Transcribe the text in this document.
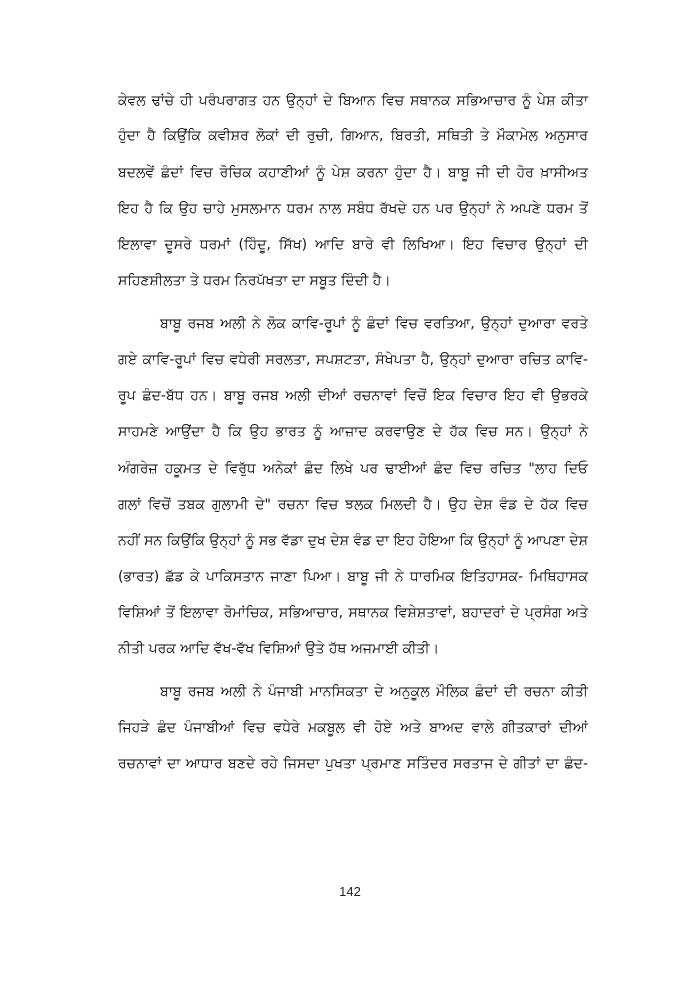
ਕੇਵਲ ਢਾਂਚੇ ਹੀ ਪਰੰਪਰਾਗਤ ਹਨ ਉਨ੍ਹਾਂ ਦੇ ਬਿਆਨ ਵਿਚ ਸਥਾਨਕ ਸਭਿਆਚਾਰ ਨੂੰ ਪੇਸ਼ ਕੀਤਾ
ਹੁੰਦਾ ਹੈ ਕਿਉਂਕਿ ਕਵੀਸ਼ਰ ਲੋਕਾਂ ਦੀ ਰੁਚੀ, ਗਿਆਨ, ਬਿਰਤੀ, ਸਥਿਤੀ ਤੇ ਮੌਕਾਮੇਲ ਅਨੁਸਾਰ
ਬਦਲਵੇਂ ਛੰਦਾਂ ਵਿਚ ਰੋਚਿਕ ਕਹਾਣੀਆਂ ਨੂੰ ਪੇਸ਼ ਕਰਨਾ ਹੁੰਦਾ ਹੈ। ਬਾਬੂ ਜੀ ਦੀ ਹੋਰ ਖ਼ਾਸੀਅਤ
ਇਹ ਹੈ ਕਿ ਉਹ ਚਾਹੇ ਮੁਸਲਮਾਨ ਧਰਮ ਨਾਲ ਸਬੰਧ ਰੱਖਦੇ ਹਨ ਪਰ ਉਨ੍ਹਾਂ ਨੇ ਅਪਣੇ ਧਰਮ ਤੋਂ
ਇਲਾਵਾ ਦੂਸਰੇ ਧਰਮਾਂ (ਹਿੰਦੂ, ਸਿੱਖ) ਆਦਿ ਬਾਰੇ ਵੀ ਲਿਖਿਆ। ਇਹ ਵਿਚਾਰ ਉਨ੍ਹਾਂ ਦੀ
ਸਹਿਣਸ਼ੀਲਤਾ ਤੇ ਧਰਮ ਨਿਰਪੱਖਤਾ ਦਾ ਸਬੂਤ ਦਿੰਦੀ ਹੈ।
ਬਾਬੂ ਰਜਬ ਅਲੀ ਨੇ ਲੋਕ ਕਾਵਿ-ਰੂਪਾਂ ਨੂੰ ਛੰਦਾਂ ਵਿਚ ਵਰਤਿਆ, ਉਨ੍ਹਾਂ ਦੁਆਰਾ ਵਰਤੇ
ਗਏ ਕਾਵਿ-ਰੂਪਾਂ ਵਿਚ ਵਧੇਰੀ ਸਰਲਤਾ, ਸਪਸ਼ਟਤਾ, ਸੰਖੇਪਤਾ ਹੈ, ਉਨ੍ਹਾਂ ਦੁਆਰਾ ਰਚਿਤ ਕਾਵਿ-
ਰੂਪ ਛੰਦ-ਬੱਧ ਹਨ। ਬਾਬੂ ਰਜਬ ਅਲੀ ਦੀਆਂ ਰਚਨਾਵਾਂ ਵਿਚੋਂ ਇਕ ਵਿਚਾਰ ਇਹ ਵੀ ਉਭਰਕੇ
ਸਾਹਮਣੇ ਆਉਂਦਾ ਹੈ ਕਿ ਉਹ ਭਾਰਤ ਨੂੰ ਆਜ਼ਾਦ ਕਰਵਾਉਣ ਦੇ ਹੱਕ ਵਿਚ ਸਨ। ਉਨ੍ਹਾਂ ਨੇ
ਅੰਗਰੇਜ਼ ਹਕੂਮਤ ਦੇ ਵਿਰੁੱਧ ਅਨੇਕਾਂ ਛੰਦ ਲਿਖੇ ਪਰ ਢਾਈਆਂ ਛੰਦ ਵਿਚ ਰਚਿਤ "ਲਾਹ ਦਿਓ
ਗਲਾਂ ਵਿਚੋਂ ਤਬਕ ਗੁਲਾਮੀ ਦੇ" ਰਚਨਾ ਵਿਚ ਝਲਕ ਮਿਲਦੀ ਹੈ। ਉਹ ਦੇਸ਼ ਵੰਡ ਦੇ ਹੱਕ ਵਿਚ
ਨਹੀਂ ਸਨ ਕਿਉਂਕਿ ਉਨ੍ਹਾਂ ਨੂੰ ਸਭ ਵੱਡਾ ਦੁਖ ਦੇਸ਼ ਵੰਡ ਦਾ ਇਹ ਹੋਇਆ ਕਿ ਉਨ੍ਹਾਂ ਨੂੰ ਆਪਣਾ ਦੇਸ਼
(ਭਾਰਤ) ਛੱਡ ਕੇ ਪਾਕਿਸਤਾਨ ਜਾਣਾ ਪਿਆ। ਬਾਬੂ ਜੀ ਨੇ ਧਾਰਮਿਕ ਇਤਿਹਾਸਕ- ਮਿਥਿਹਾਸਕ
ਵਿਸ਼ਿਆਂ ਤੋਂ ਇਲਾਵਾ ਰੋਮਾਂਚਿਕ, ਸਭਿਆਚਾਰ, ਸਥਾਨਕ ਵਿਸ਼ੇਸ਼ਤਾਵਾਂ, ਬਹਾਦਰਾਂ ਦੇ ਪ੍ਰਸੰਗ ਅਤੇ
ਨੀਤੀ ਪਰਕ ਆਦਿ ਵੱਖ-ਵੱਖ ਵਿਸ਼ਿਆਂ ਉਤੇ ਹੱਥ ਅਜਮਾਈ ਕੀਤੀ।
ਬਾਬੂ ਰਜਬ ਅਲੀ ਨੇ ਪੰਜਾਬੀ ਮਾਨਸਿਕਤਾ ਦੇ ਅਨੁਕੂਲ ਮੌਲਿਕ ਛੰਦਾਂ ਦੀ ਰਚਨਾ ਕੀਤੀ
ਜਿਹੜੇ ਛੰਦ ਪੰਜਾਬੀਆਂ ਵਿਚ ਵਧੇਰੇ ਮਕਬੂਲ ਵੀ ਹੋਏ ਅਤੇ ਬਾਅਦ ਵਾਲੇ ਗੀਤਕਾਰਾਂ ਦੀਆਂ
ਰਚਨਾਵਾਂ ਦਾ ਆਧਾਰ ਬਣਦੇ ਰਹੇ ਜਿਸਦਾ ਪੁਖਤਾ ਪ੍ਰਮਾਣ ਸਤਿੰਦਰ ਸਰਤਾਜ ਦੇ ਗੀਤਾਂ ਦਾ ਛੰਦ-
142
